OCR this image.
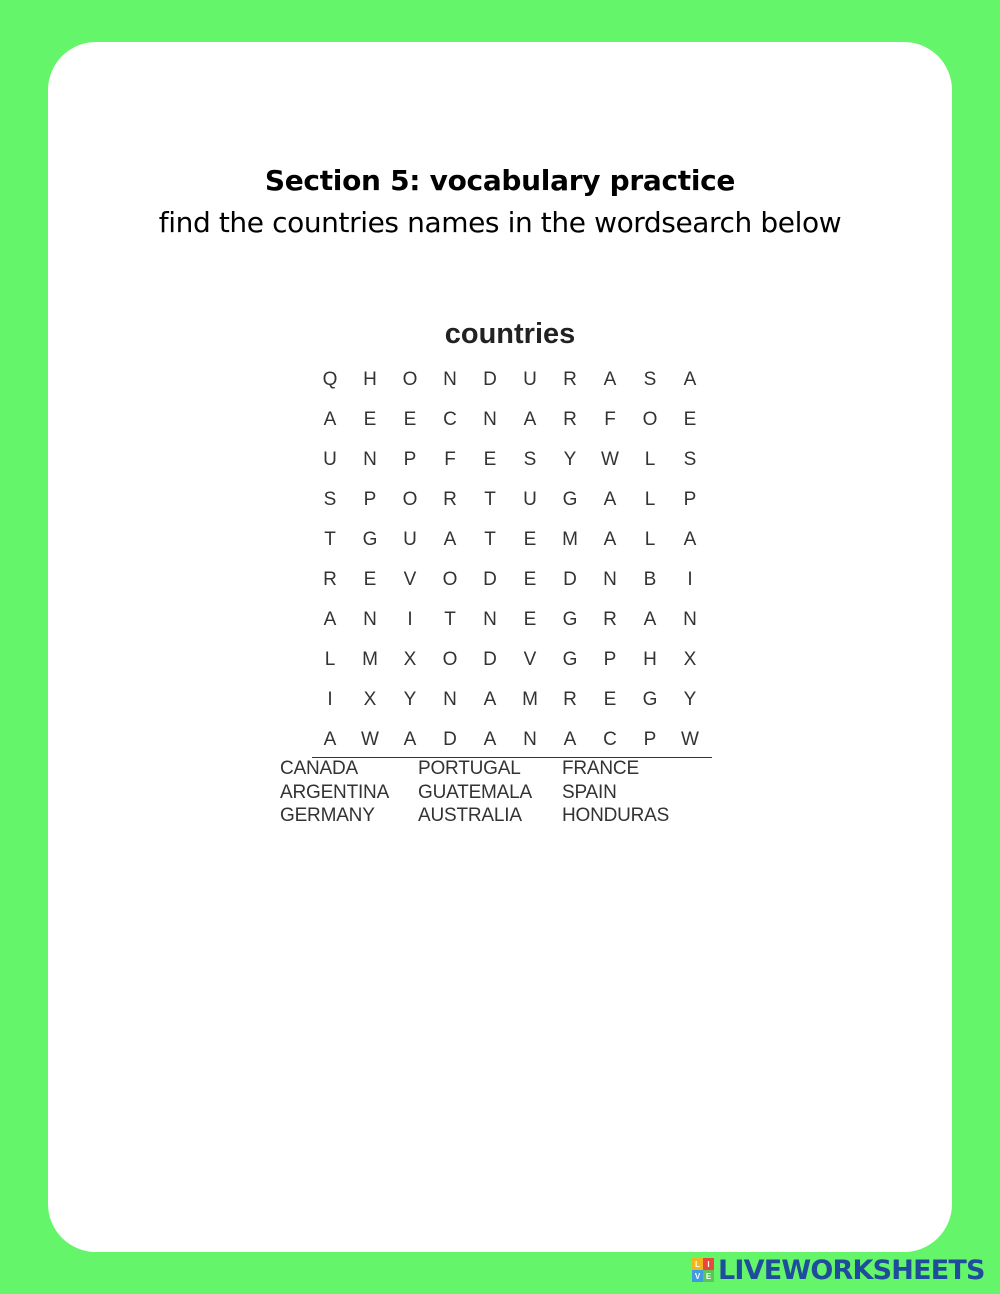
Section 5: vocabulary practice
find the countries names in the wordsearch below
countries
Q	H	O	N	D	U	R	A	S	A
A	E	E	C	N	A	R	F	O	E
U	N	P	F	E	S	Y	W	L	S
S	P	O	R	T	U	G	A	L	P
T	G	U	A	T	E	M	A	L	A
R	E	V	O	D	E	D	N	B	I
A	N	I	T	N	E	G	R	A	N
L	M	X	O	D	V	G	P	H	X
I	X	Y	N	A	M	R	E	G	Y
A	W	A	D	A	N	A	C	P	W
CANADA	PORTUGAL	FRANCE
ARGENTINA	GUATEMALA	SPAIN
GERMANY	AUSTRALIA	HONDURAS
L I
V E LIVEWORKSHEETS
